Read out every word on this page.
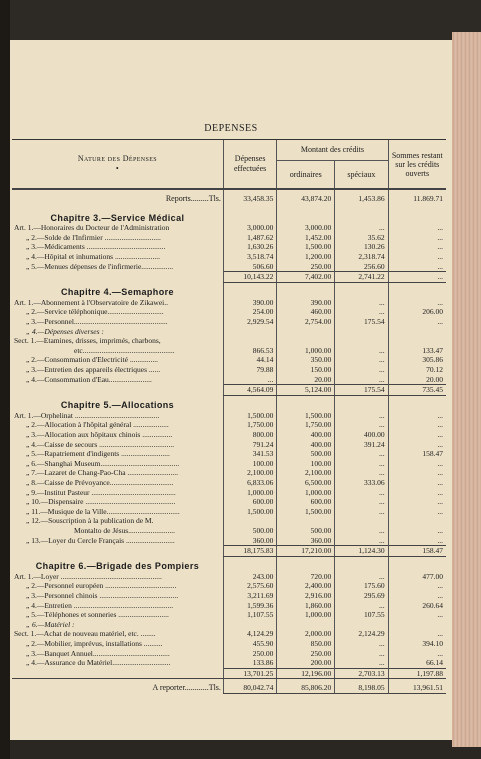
DEPENSES
Nature des Dépenses
•	Dépenses effectuées	Montant des crédits		Sommes restant sur les crédits ouverts
		ordinaires	spéciaux	
Reports.........Tls.	33,458.35	43,874.20	1,453.86	11.869.71
Chapitre 3.—Service Médical				
Art. 1.—Honoraires du Docteur de l'Administration	3,000.00	3,000.00	...	...
„ 2.—Solde de l'Infirmier ..............................	1,487.62	1,452.00	35.62	...
„ 3.—Médicaments ..........................................	1,630.26	1,500.00	130.26	...
„ 4.—Hôpital et inhumations ........................	3,518.74	1,200.00	2,318.74	...
„ 5.—Menues dépenses de l'infirmerie.................	506.60	250.00	256.60	...
	10,143.22	7,402.00	2,741.22	...
Chapitre 4.—Semaphore				
Art. 1.—Abonnement à l'Observatoire de Zikawei..	390.00	390.00	...	...
„ 2.—Service téléphonique..............................	254.00	460.00	...	206.00
„ 3.—Personnel..................................................	2,929.54	2,754.00	175.54	...
„ 4.—Dépenses diverses :				
Sect. 1.—Etamines, drisses, imprimés, charbons,				
etc.................................................	866.53	1,000.00	...	133.47
„ 2.—Consommation d'Electricité ...............	44.14	350.00	...	305.86
„ 3.—Entretien des appareils électriques ......	79.88	150.00	...	70.12
„ 4.—Consommation d'Eau.......................	...	20.00	...	20.00
	4,564.09	5,124.00	175.54	735.45
Chapitre 5.—Allocations				
Art. 1.—Orphelinat .............................................	1,500.00	1,500.00	...	...
„ 2.—Allocation à l'hôpital général ...................	1,750.00	1,750.00	...	...
„ 3.—Allocation aux hôpitaux chinois ................	800.00	400.00	400.00	...
„ 4.—Caisse de secours ........................................	791.24	400.00	391.24	...
„ 5.—Rapatriement d'indigents ..........................	341.53	500.00	...	158.47
„ 6.—Shanghai Museum..........................................	100.00	100.00	...	...
„ 7.—Lazaret de Chang-Pao-Cha ...........................	2,100.00	2,100.00	...	...
„ 8.—Caisse de Prévoyance..................................	6,833.06	6,500.00	333.06	...
„ 9.—Institut Pasteur .............................................	1,000.00	1,000.00	...	...
„ 10.—Dispensaire ................................................	600.00	600.00	...	...
„ 11.—Musique de la Ville.......................................	1,500.00	1,500.00	...	...
„ 12.—Souscription à la publication de M.				
Montalto de Jésus.........................	500.00	500.00	...	...
„ 13.—Loyer du Cercle Français ..........................	360.00	360.00	...	...
	18,175.83	17,210.00	1,124.30	158.47
Chapitre 6.—Brigade des Pompiers				
Art. 1.—Loyer ......................................................	243.00	720.00	...	477.00
„ 2.—Personnel européen ......................................	2,575.60	2,400.00	175.60	...
„ 3.—Personnel chinois ..........................................	3,211.69	2,916.00	295.69	...
„ 4.—Entretien .....................................................	1,599.36	1,860.00	...	260.64
„ 5.—Téléphones et sonneries ...........................	1,107.55	1,000.00	107.55	...
„ 6.—Matériel :				
Sect. 1.—Achat de nouveau matériel, etc. ........	4,124.29	2,000.00	2,124.29	...
„ 2.—Mobilier, imprévus, installations ..........	455.90	850.00	...	394.10
„ 3.—Banquet Annuel.........................................	250.00	250.00	...	...
„ 4.—Assurance du Matériel...............................	133.86	200.00	...	66.14
	13,701.25	12,196.00	2,703.13	1,197.88
A reporter............Tls.	80,042.74	85,806.20	8,198.05	13,961.51
